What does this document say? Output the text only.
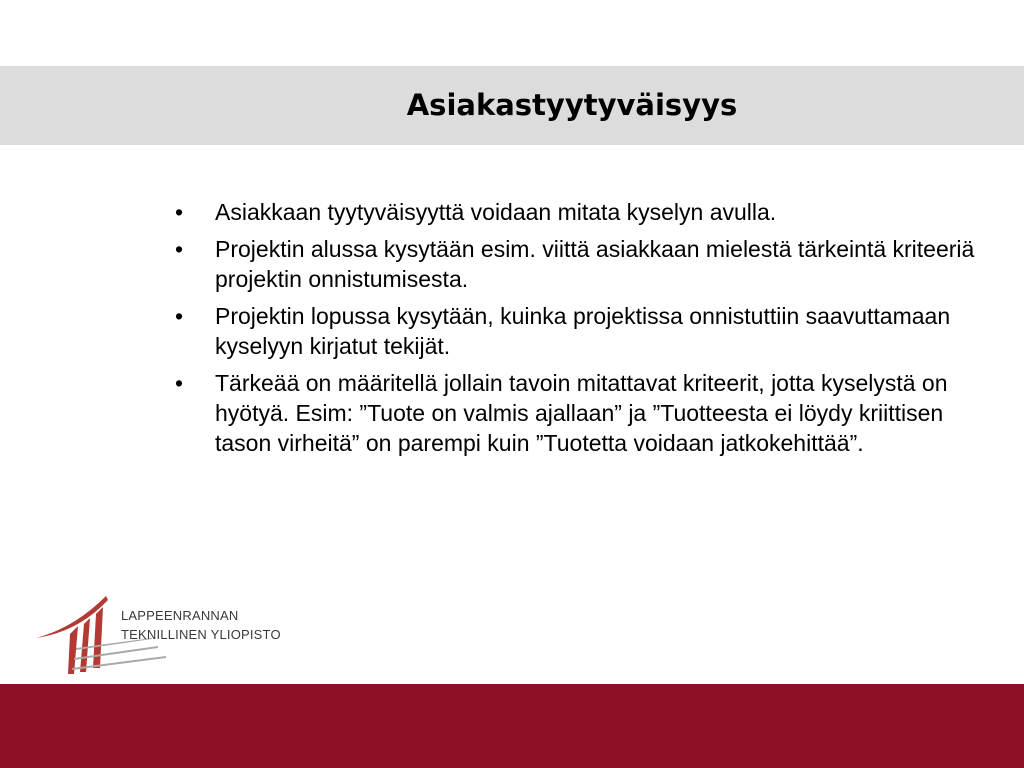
Asiakastyytyväisyys
•	Asiakkaan tyytyväisyyttä voidaan mitata kyselyn avulla.
•	Projektin alussa kysytään esim. viittä asiakkaan mielestä tärkeintä kriteeriä projektin onnistumisesta.
•	Projektin lopussa kysytään, kuinka projektissa onnistuttiin saavuttamaan kyselyyn kirjatut tekijät.
•	Tärkeää on määritellä jollain tavoin mitattavat kriteerit, jotta kyselystä on hyötyä. Esim: ”Tuote on valmis ajallaan” ja ”Tuotteesta ei löydy kriittisen tason virheitä” on parempi kuin ”Tuotetta voidaan jatkokehittää”.
LAPPEENRANNAN
TEKNILLINEN YLIOPISTO
